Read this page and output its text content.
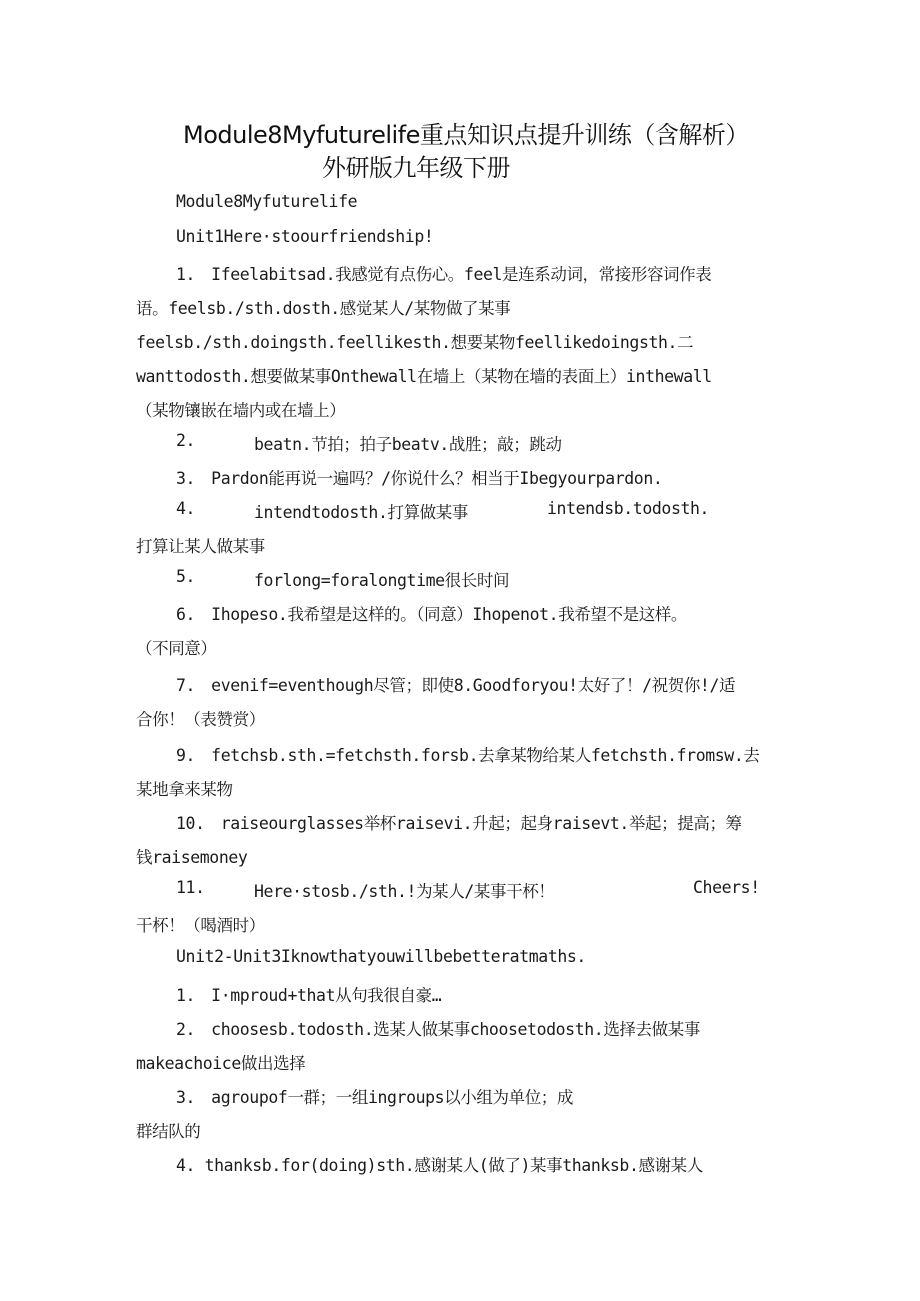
Module8Myfuturelife重点知识点提升训练（含解析）
外研版九年级下册
Module8Myfuturelife
Unit1Here·stoourfriendship!
1.　Ifeelabitsad.我感觉有点伤心。feel是连系动词，常接形容词作表
语。feelsb./sth.dosth.感觉某人/某物做了某事
feelsb./sth.doingsth.feellikesth.想要某物feellikedoingsth.二
wanttodosth.想要做某事Onthewall在墙上（某物在墙的表面上）inthewall
（某物镶嵌在墙内或在墙上）
2.	beatn.节拍；拍子beatv.战胜；敲；跳动
3.　Pardon能再说一遍吗？/你说什么？相当于Ibegyourpardon.
4.	intendtodosth.打算做某事	intendsb.todosth.
打算让某人做某事
5.	forlong=foralongtime很长时间
6.　Ihopeso.我希望是这样的。（同意）Ihopenot.我希望不是这样。
（不同意）
7.　evenif=eventhough尽管；即使8.Goodforyou!太好了！/祝贺你!/适
合你！（表赞赏）
9.　fetchsb.sth.=fetchsth.forsb.去拿某物给某人fetchsth.fromsw.去
某地拿来某物
10.　raiseourglasses举杯raisevi.升起；起身raisevt.举起；提高；筹
钱raisemoney
11.	Here·stosb./sth.!为某人/某事干杯！	Cheers!
干杯！（喝酒时）
Unit2-Unit3Iknowthatyouwillbebetteratmaths.
1.　I·mproud+that从句我很自豪…
2.　choosesb.todosth.选某人做某事choosetodosth.选择去做某事
makeachoice做出选择
3.　agroupof一群；一组ingroups以小组为单位；成
群结队的
4. thanksb.for(doing)sth.感谢某人(做了)某事thanksb.感谢某人
